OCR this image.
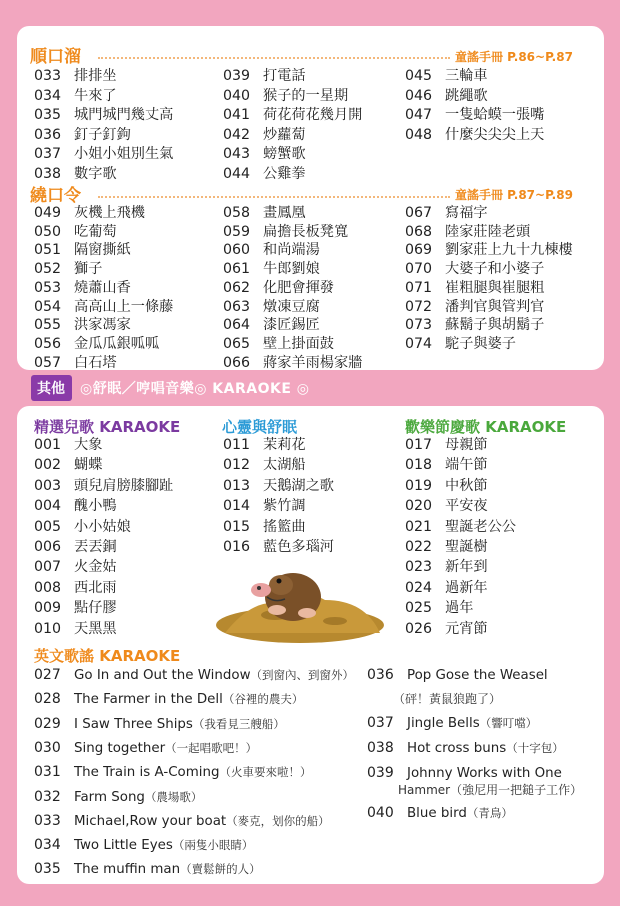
順口溜	童謠手冊 P.86~P.87
繞口令	童謠手冊 P.87~P.89
033 排排坐
034 牛來了
035 城門城門幾丈高
036 釘子釘鉤
037 小姐小姐別生氣
038 數字歌
039 打電話
040 猴子的一星期
041 荷花荷花幾月開
042 炒蘿蔔
043 螃蟹歌
044 公雞拳
045 三輪車
046 跳繩歌
047 一隻蛤蟆一張嘴
048 什麼尖尖尖上天
049 灰機上飛機
050 吃葡萄
051 隔窗撕紙
052 獅子
053 燒蕭山香
054 高高山上一條藤
055 洪家馮家
056 金瓜瓜銀呱呱
057 白石塔
058 畫鳳凰
059 扁擔長板凳寬
060 和尚端湯
061 牛郎劉娘
062 化肥會揮發
063 燉凍豆腐
064 漆匠錫匠
065 壁上掛面鼓
066 蔣家羊雨楊家牆
067 寫福字
068 陸家莊陸老頭
069 劉家莊上九十九棟樓
070 大婆子和小婆子
071 崔粗腿與崔腿粗
072 潘判官與管判官
073 蘇鬍子與胡鬍子
074 駝子與婆子
其他	◎舒眠／哼唱音樂◎ KARAOKE ◎
精選兒歌 KARAOKE	心靈與舒眠	歡樂節慶歌 KARAOKE
001 大象
002 蝴蝶
003 頭兒肩膀膝腳趾
004 醜小鴨
005 小小姑娘
006 丟丟銅
007 火金姑
008 西北雨
009 點仔膠
010 天黑黑
011 茉莉花
012 太湖船
013 天鵝湖之歌
014 紫竹調
015 搖籃曲
016 藍色多瑙河
017 母親節
018 端午節
019 中秋節
020 平安夜
021 聖誕老公公
022 聖誕樹
023 新年到
024 過新年
025 過年
026 元宵節
英文歌謠 KARAOKE
027 Go In and Out the Window（到窗內、到窗外）
028 The Farmer in the Dell（谷裡的農夫）
029 I Saw Three Ships（我看見三艘船）
030 Sing together（一起唱歌吧！）
031 The Train is A-Coming（火車要來啦！）
032 Farm Song（農場歌）
033 Michael,Row your boat（麥克，划你的船）
034 Two Little Eyes（兩隻小眼睛）
035 The muffin man（賣鬆餅的人）
036 Pop Gose the Weasel
（砰！黃鼠狼跑了）
037 Jingle Bells（響叮噹）
038 Hot cross buns（十字包）
039 Johnny Works with One
Hammer（強尼用一把鎚子工作）
040 Blue bird（青鳥）
